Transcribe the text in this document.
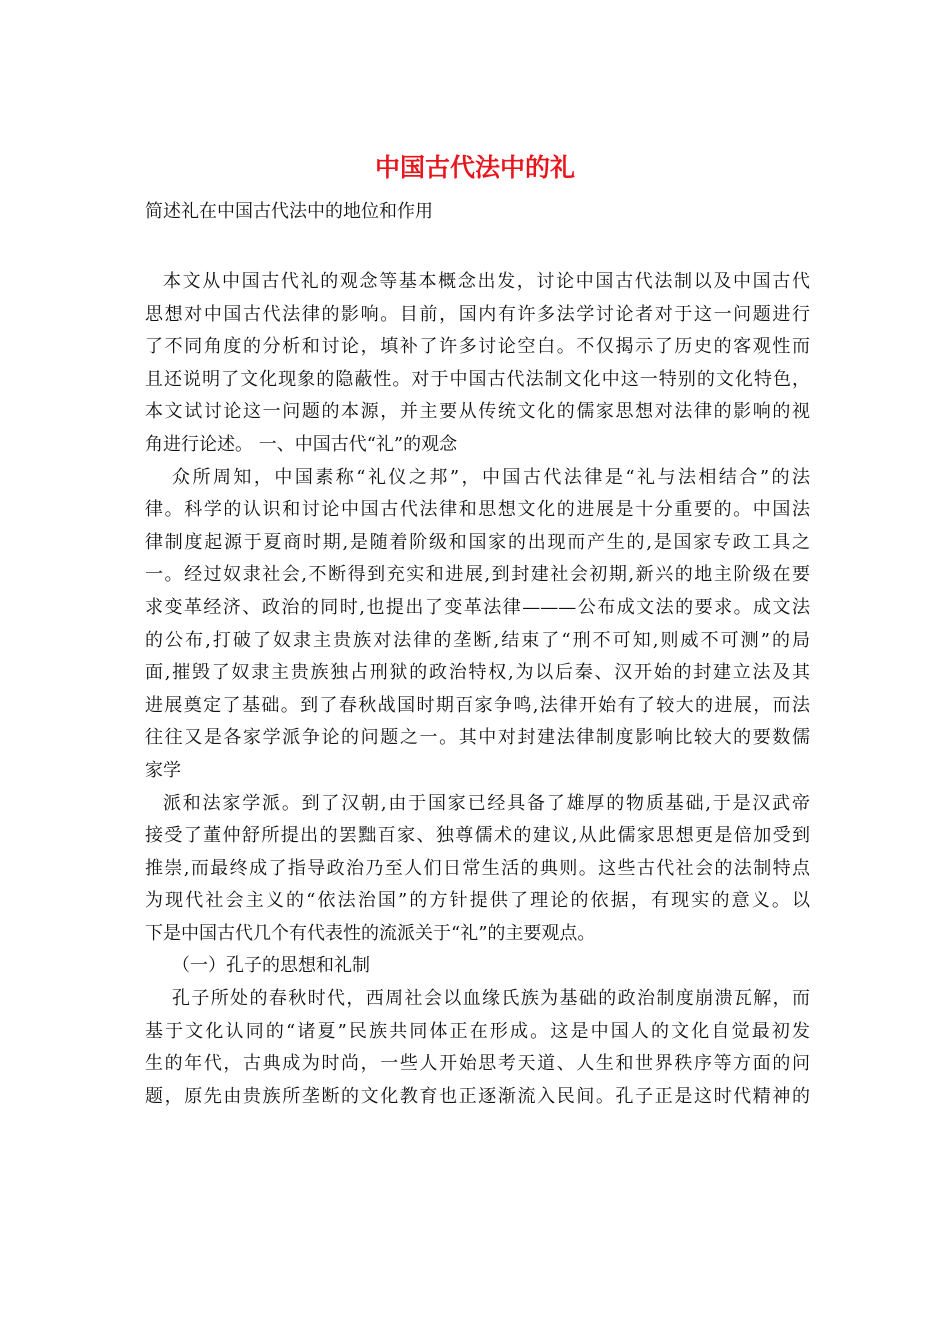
中国古代法中的礼
简述礼在中国古代法中的地位和作用
本文从中国古代礼的观念等基本概念出发，讨论中国古代法制以及中国古代
思想对中国古代法律的影响。目前，国内有许多法学讨论者对于这一问题进行
了不同角度的分析和讨论，填补了许多讨论空白。不仅揭示了历史的客观性而
且还说明了文化现象的隐蔽性。对于中国古代法制文化中这一特别的文化特色，
本文试讨论这一问题的本源，并主要从传统文化的儒家思想对法律的影响的视
角进行论述。 一、中国古代“礼”的观念
众所周知，中国素称“礼仪之邦”，中国古代法律是“礼与法相结合”的法
律。科学的认识和讨论中国古代法律和思想文化的进展是十分重要的。中国法
律制度起源于夏商时期,是随着阶级和国家的出现而产生的,是国家专政工具之
一。经过奴隶社会,不断得到充实和进展,到封建社会初期,新兴的地主阶级在要
求变革经济、政治的同时,也提出了变革法律———公布成文法的要求。成文法
的公布,打破了奴隶主贵族对法律的垄断,结束了“刑不可知,则威不可测”的局
面,摧毁了奴隶主贵族独占刑狱的政治特权,为以后秦、汉开始的封建立法及其
进展奠定了基础。到了春秋战国时期百家争鸣,法律开始有了较大的进展，而法
往往又是各家学派争论的问题之一。其中对封建法律制度影响比较大的要数儒
家学
派和法家学派。到了汉朝,由于国家已经具备了雄厚的物质基础,于是汉武帝
接受了董仲舒所提出的罢黜百家、独尊儒术的建议,从此儒家思想更是倍加受到
推崇,而最终成了指导政治乃至人们日常生活的典则。这些古代社会的法制特点
为现代社会主义的“依法治国”的方针提供了理论的依据，有现实的意义。以
下是中国古代几个有代表性的流派关于“礼”的主要观点。
（一）孔子的思想和礼制
孔子所处的春秋时代，西周社会以血缘氏族为基础的政治制度崩溃瓦解，而
基于文化认同的“诸夏”民族共同体正在形成。这是中国人的文化自觉最初发
生的年代，古典成为时尚，一些人开始思考天道、人生和世界秩序等方面的问
题，原先由贵族所垄断的文化教育也正逐渐流入民间。孔子正是这时代精神的
